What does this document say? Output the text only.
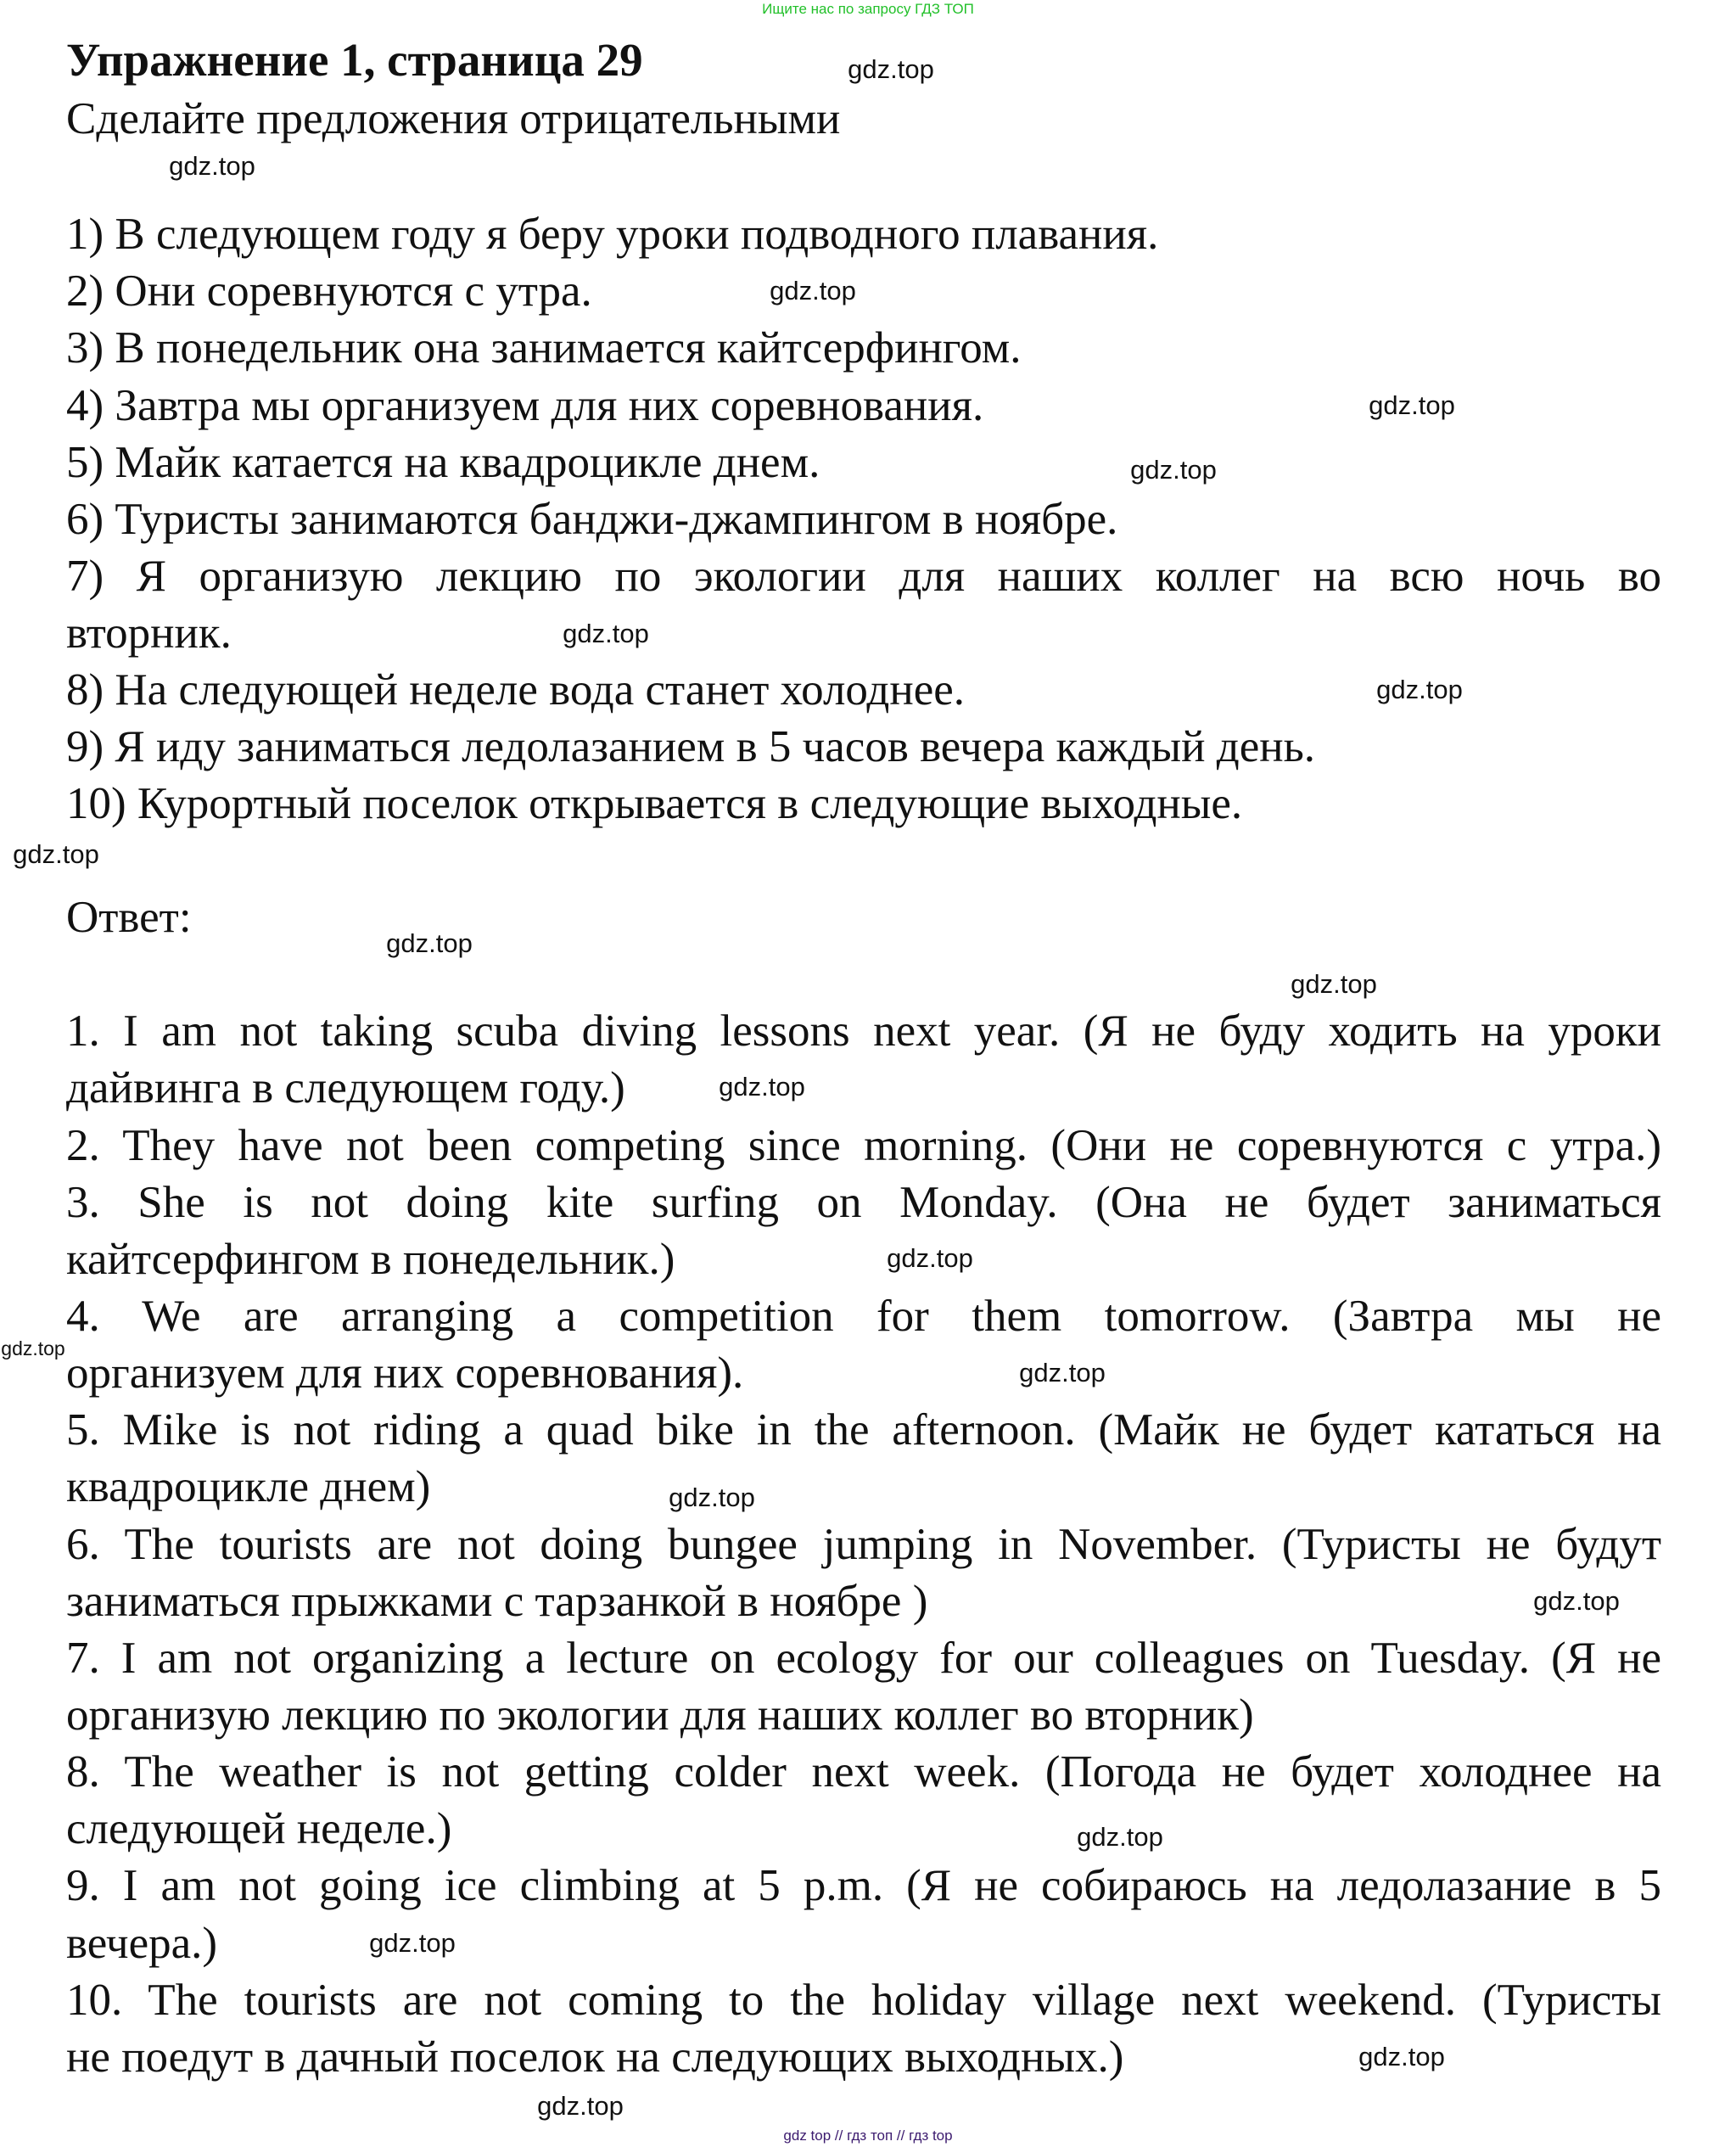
Ищите нас по запросу ГДЗ ТОП
Упражнение 1, страница 29
Сделайте предложения отрицательными
1) В следующем году я беру уроки подводного плавания.
2) Они соревнуются с утра.
3) В понедельник она занимается кайтсерфингом.
4) Завтра мы организуем для них соревнования.
5) Майк катается на квадроцикле днем.
6) Туристы занимаются банджи-джампингом в ноябре.
7) Я организую лекцию по экологии для наших коллег на всю ночь во
вторник.
8) На следующей неделе вода станет холоднее.
9) Я иду заниматься ледолазанием в 5 часов вечера каждый день.
10) Курортный поселок открывается в следующие выходные.
Ответ:
1. I am not taking scuba diving lessons next year. (Я не буду ходить на уроки
дайвинга в следующем году.)
2. They have not been competing since morning. (Они не соревнуются с утра.)
3. She is not doing kite surfing on Monday. (Она не будет заниматься
кайтсерфингом в понедельник.)
4. We are arranging a competition for them tomorrow. (Завтра мы не
организуем для них соревнования).
5. Mike is not riding a quad bike in the afternoon. (Майк не будет кататься на
квадроцикле днем)
6. The tourists are not doing bungee jumping in November. (Туристы не будут
заниматься прыжками с тарзанкой в ноябре )
7. I am not organizing a lecture on ecology for our colleagues on Tuesday. (Я не
организую лекцию по экологии для наших коллег во вторник)
8. The weather is not getting colder next week. (Погода не будет холоднее на
следующей неделе.)
9. I am not going ice climbing at 5 p.m. (Я не собираюсь на ледолазание в 5
вечера.)
10. The tourists are not coming to the holiday village next weekend. (Туристы
не поедут в дачный поселок на следующих выходных.)
gdz.top
gdz.top
gdz.top
gdz.top
gdz.top
gdz.top
gdz.top
gdz.top
gdz.top
gdz.top
gdz.top
gdz.top
gdz.top
gdz.top
gdz.top
gdz.top
gdz.top
gdz.top
gdz.top
gdz.top
gdz top // гдз топ // гдз top
